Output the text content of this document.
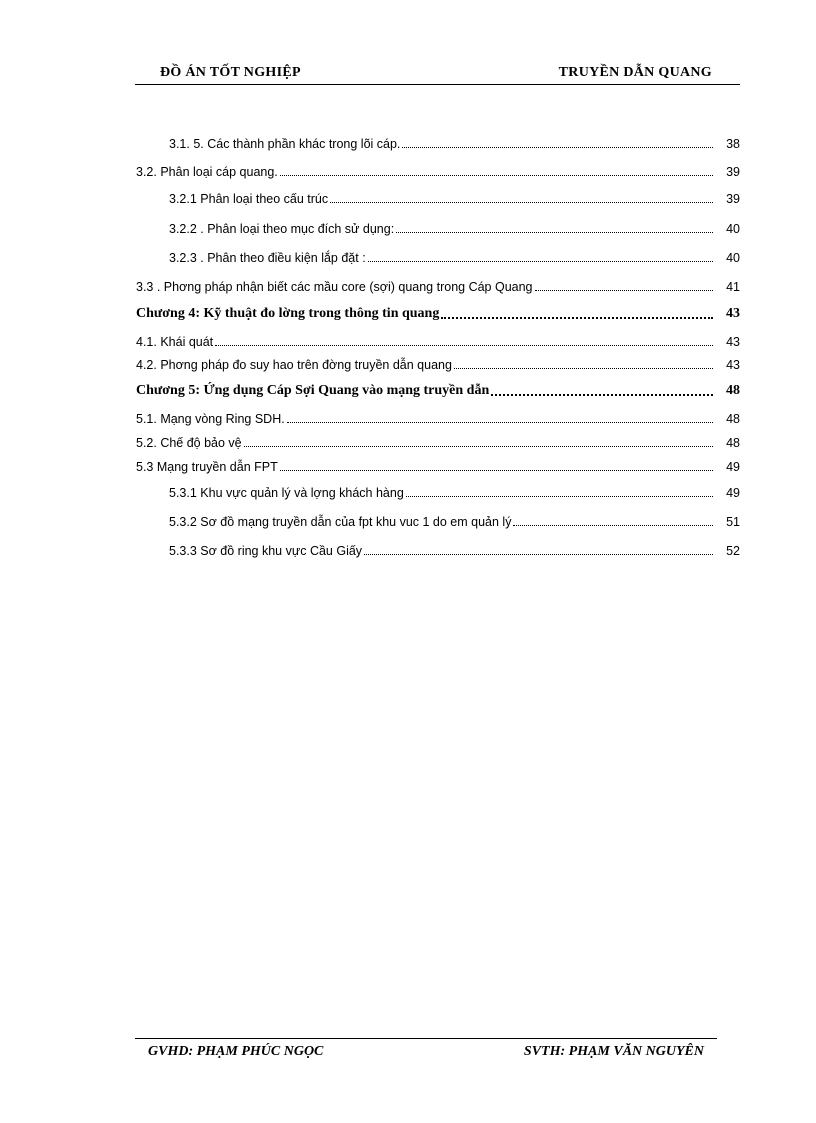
ĐỒ ÁN TỐT NGHIỆP	TRUYỀN DẪN QUANG
3.1. 5. Các thành phần khác trong lõi cáp.	38
3.2. Phân loại cáp quang.	39
3.2.1 Phân loại theo cấu trúc	39
3.2.2 . Phân loại theo mục đích sử dụng:	40
3.2.3 . Phân theo điều kiện lắp đặt :	40
3.3 . Phơng pháp nhận biết các mầu core (sợi) quang trong Cáp Quang	41
Chương 4: Kỹ thuật đo lờng trong thông tin quang	43
4.1. Khái quát	43
4.2. Phơng pháp đo suy hao trên đờng truyền dẫn quang	43
Chương 5: Ứng dụng Cáp Sợi Quang vào mạng truyền dẫn	48
5.1. Mạng vòng Ring SDH.	48
5.2. Chế độ bảo vệ	48
5.3 Mạng truyền dẫn FPT	49
5.3.1 Khu vực quản lý và lợng khách hàng	49
5.3.2 Sơ đồ mạng truyền dẫn của fpt khu vuc 1 do em quản lý	51
5.3.3 Sơ đồ ring khu vực Cầu Giấy	52
GVHD: PHẠM PHÚC NGỌC	SVTH: PHẠM VĂN NGUYÊN
